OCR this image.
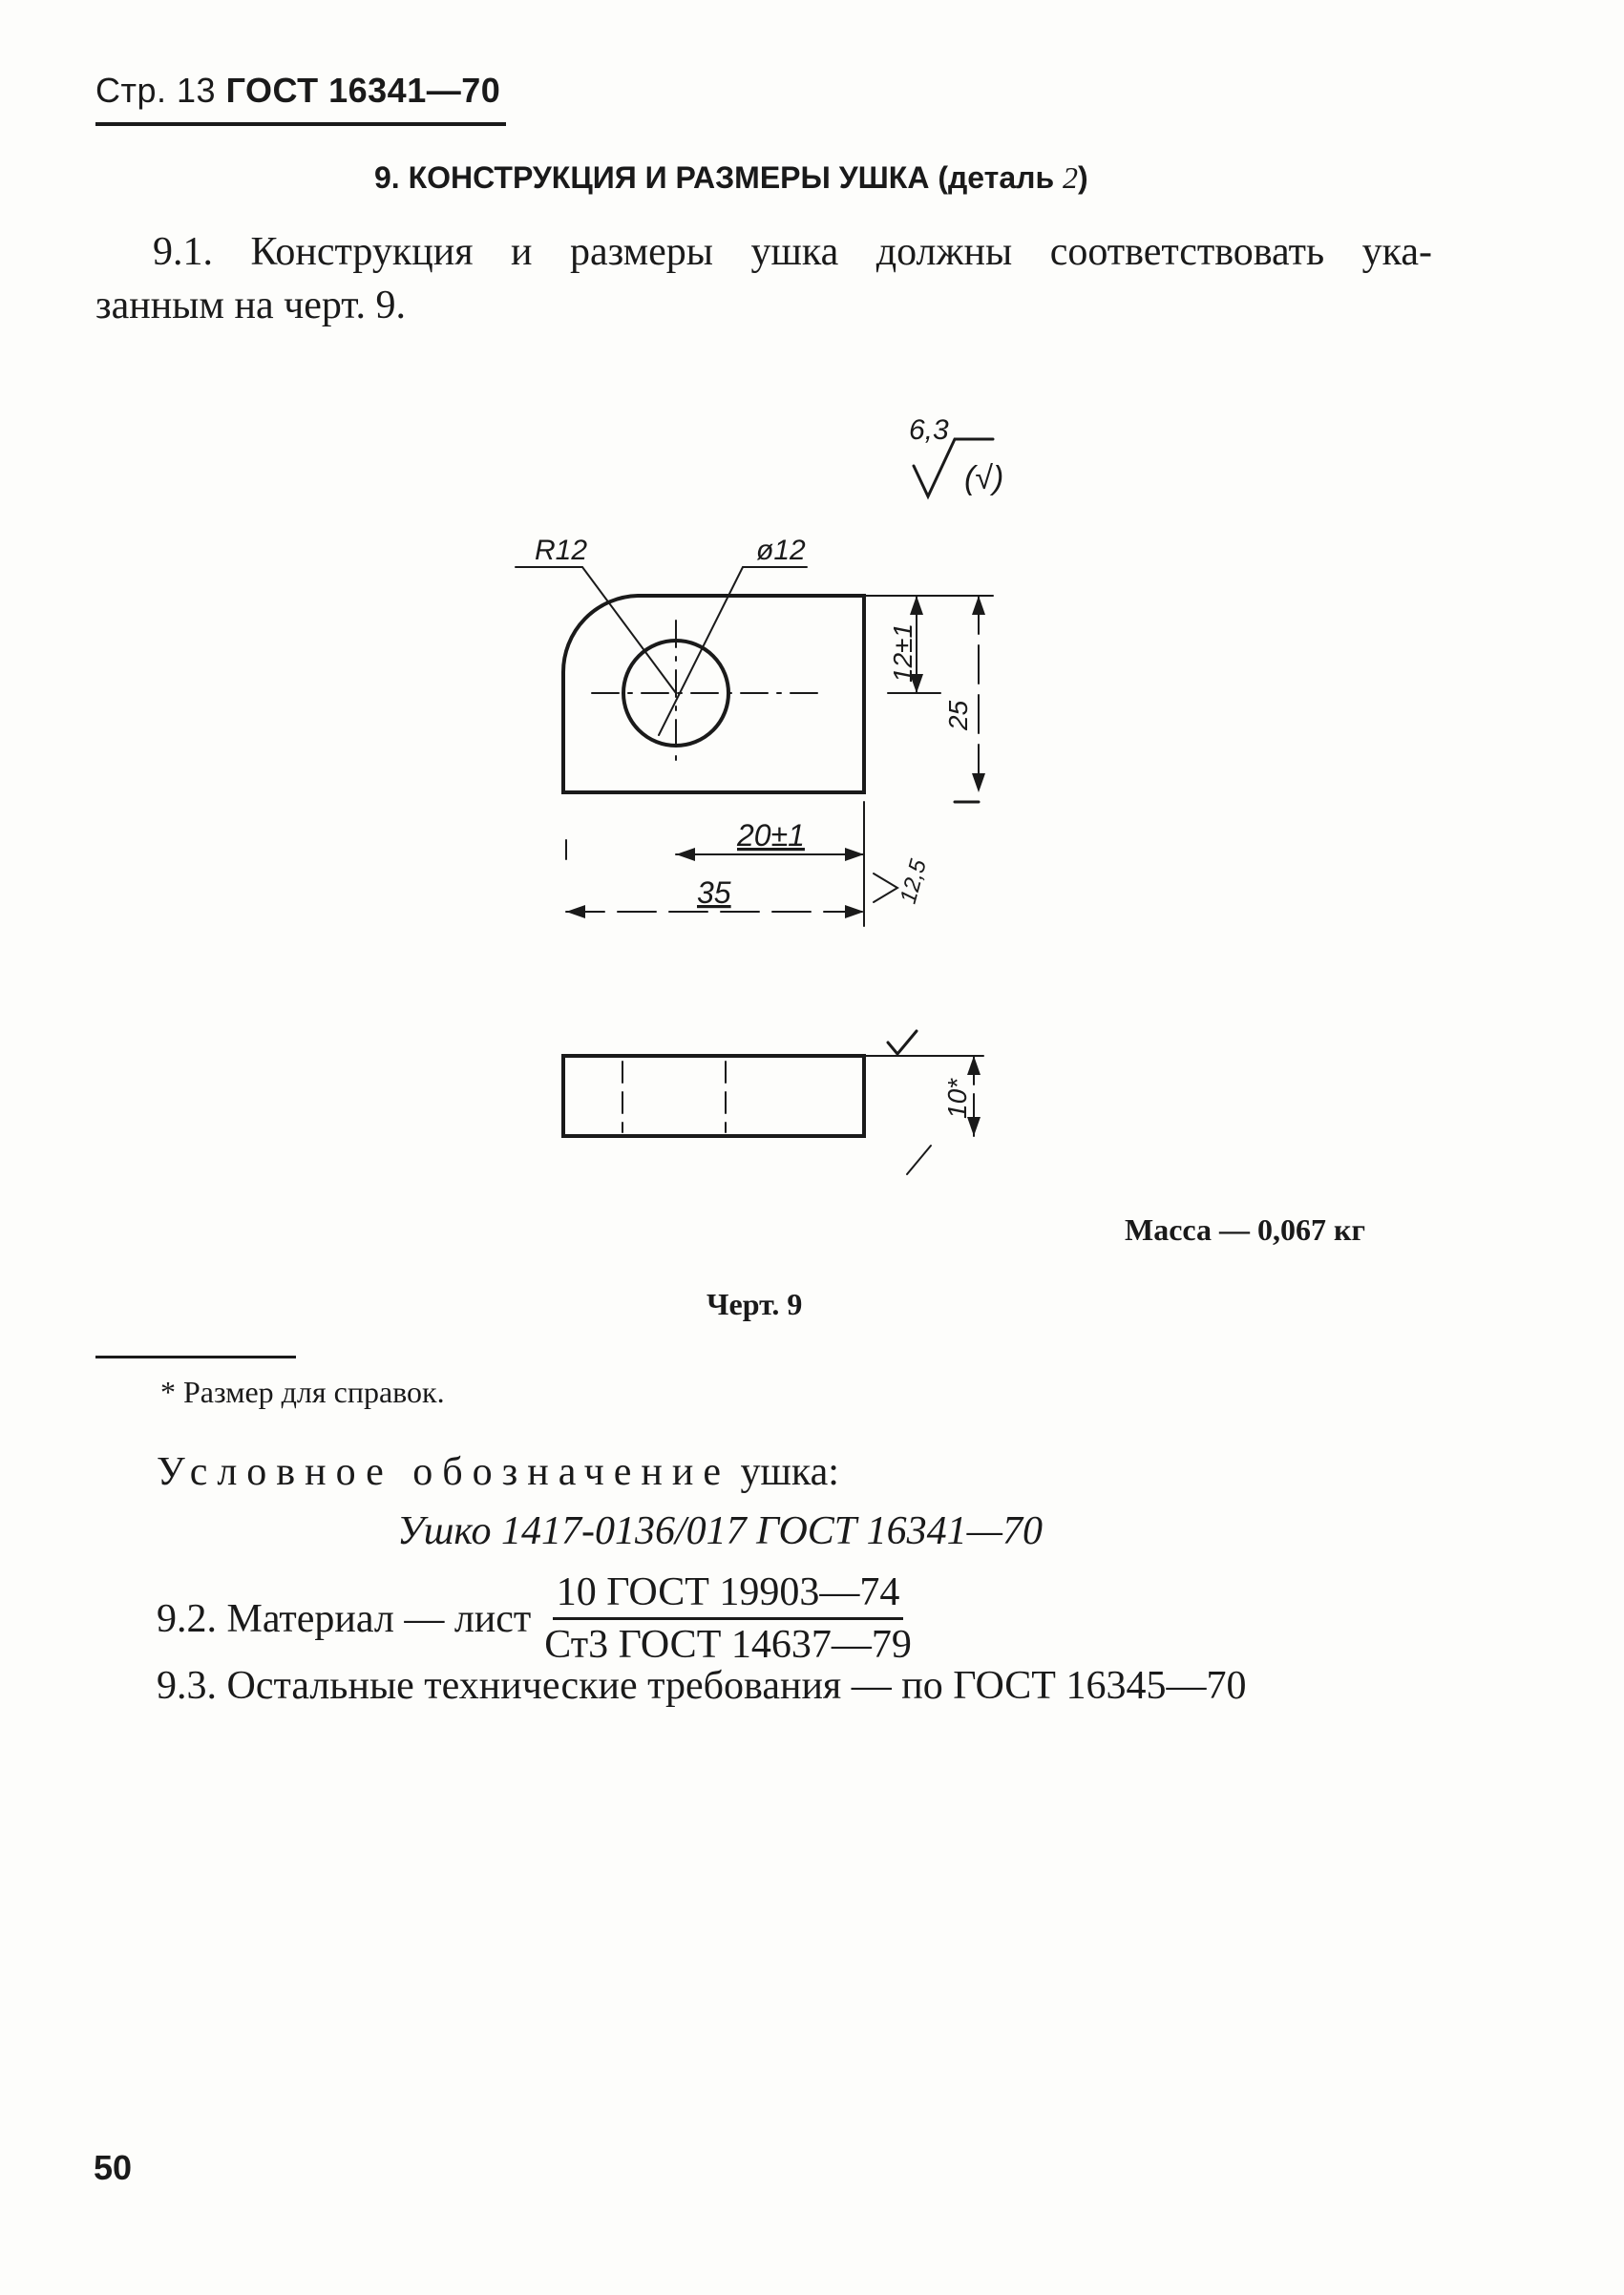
Стр. 13 ГОСТ 16341—70
9. КОНСТРУКЦИЯ И РАЗМЕРЫ УШКА (деталь 2)
9.1. Конструкция и размеры ушка должны соответствовать ука-
занным на черт. 9.
6,3
(√)
R12	ø12
12±1
25
20±1
35	12,5
10*
Масса — 0,067 кг
Черт. 9
* Размер для справок.
Условное обозначение ушка:
Ушко 1417-0136/017 ГОСТ 16341—70
9.2. Материал — лист $\frac{\text{10 ГОСТ 19903—74}}{\text{Ст3 ГОСТ 14637—79}}$
9.3. Остальные технические требования — по ГОСТ 16345—70
50
